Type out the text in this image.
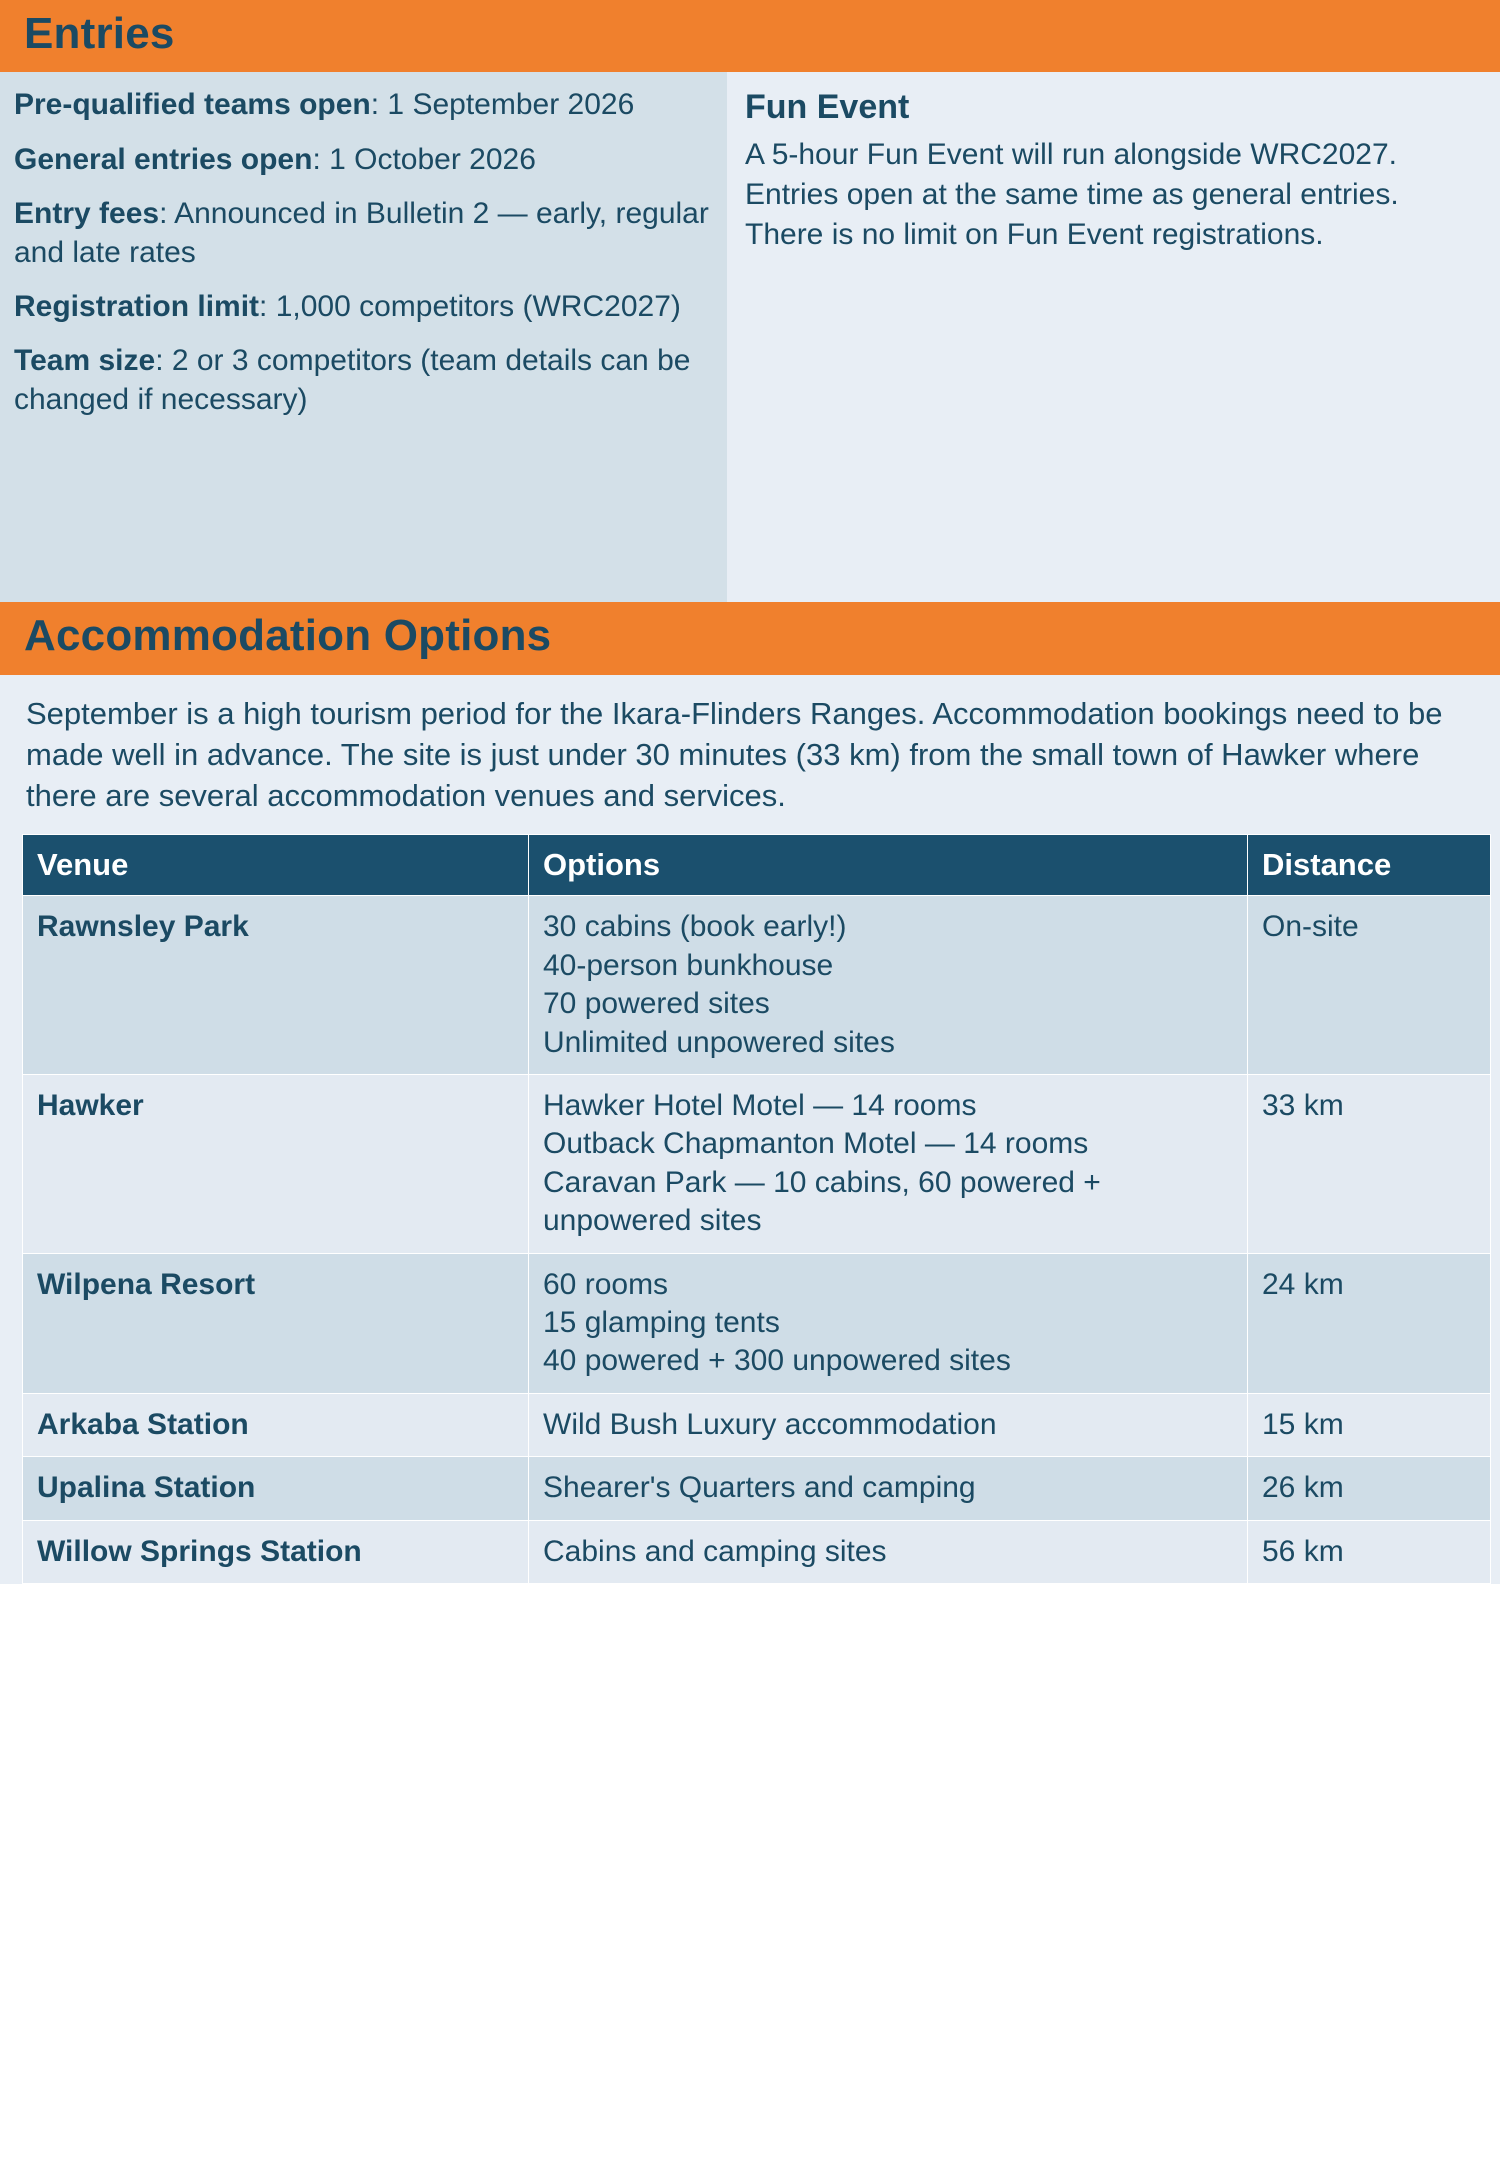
Entries

Pre-qualified teams open: 1 September 2026

General entries open: 1 October 2026

Entry fees: Announced in Bulletin 2 — early, regular and late rates

Registration limit: 1,000 competitors (WRC2027)

Team size: 2 or 3 competitors (team details can be changed if necessary)

Fun Event

A 5-hour Fun Event will run alongside WRC2027. Entries open at the same time as general entries. There is no limit on Fun Event registrations.

Accommodation Options

September is a high tourism period for the Ikara-Flinders Ranges. Accommodation bookings need to be made well in advance. The site is just under 30 minutes (33 km) from the small town of Hawker where there are several accommodation venues and services.

Venue	Options	Distance
Rawnsley Park	30 cabins (book early!)
40-person bunkhouse
70 powered sites
Unlimited unpowered sites	On-site
Hawker	Hawker Hotel Motel — 14 rooms
Outback Chapmanton Motel — 14 rooms
Caravan Park — 10 cabins, 60 powered + unpowered sites	33 km
Wilpena Resort	60 rooms
15 glamping tents
40 powered + 300 unpowered sites	24 km
Arkaba Station	Wild Bush Luxury accommodation	15 km
Upalina Station	Shearer's Quarters and camping	26 km
Willow Springs Station	Cabins and camping sites	56 km
